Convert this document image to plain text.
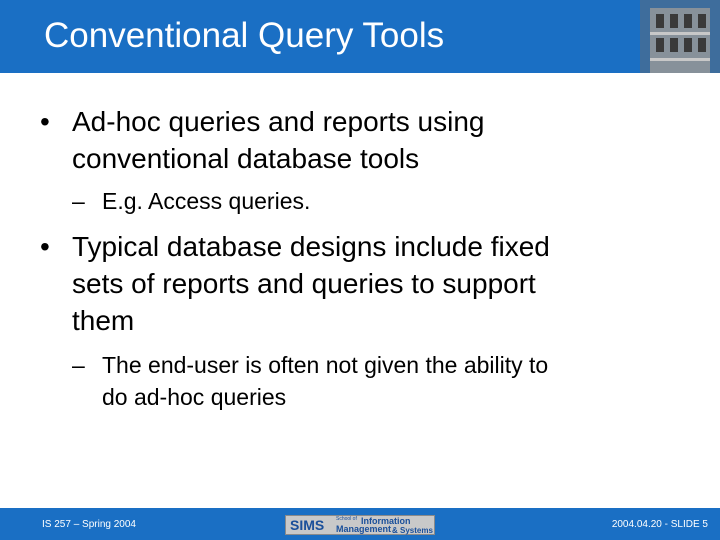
Conventional Query Tools
• Ad-hoc queries and reports using
conventional database tools
– E.g. Access queries.
• Typical database designs include fixed
sets of reports and queries to support
them
– The end-user is often not given the ability to
do ad-hoc queries
IS 257 – Spring 2004	SIMS School of Information
Management & Systems
2004.04.20 - SLIDE 5
